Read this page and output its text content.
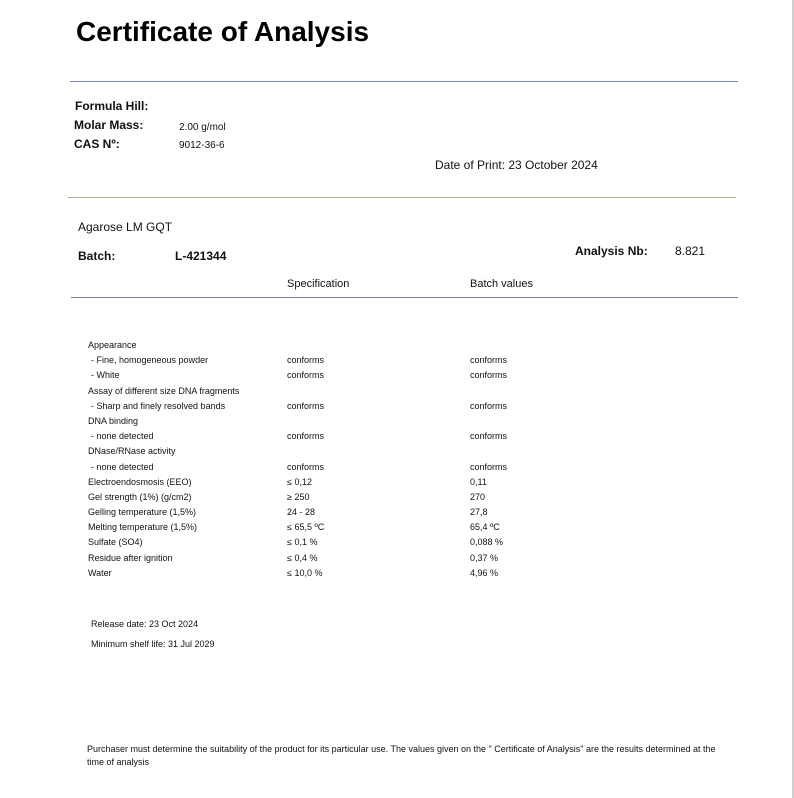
Certificate of Analysis
Formula Hill:
Molar Mass:	2.00 g/mol
CAS Nº:	9012-36-6
Date of Print: 23 October 2024
Agarose LM GQT
Batch:	L-421344	Analysis Nb: 8.821
Specification	Batch values
Appearance
- Fine, homogeneous powder	conforms	conforms
- White	conforms	conforms
Assay of different size DNA fragments
- Sharp and finely resolved bands	conforms	conforms
DNA binding
- none detected	conforms	conforms
DNase/RNase activity
- none detected	conforms	conforms
Electroendosmosis (EEO)	≤ 0,12	0,11
Gel strength (1%) (g/cm2)	≥ 250	270
Gelling temperature (1,5%)	24 - 28	27,8
Melting temperature (1,5%)	≤ 65,5 ºC	65,4 ºC
Sulfate (SO4)	≤ 0,1 %	0,088 %
Residue after ignition	≤ 0,4 %	0,37 %
Water	≤ 10,0 %	4,96 %
Release date: 23 Oct 2024
Minimum shelf life: 31 Jul 2029
Purchaser must determine the suitability of the product for its particular use. The values given on the " Certificate of Analysis" are the results determined at the time of analysis
